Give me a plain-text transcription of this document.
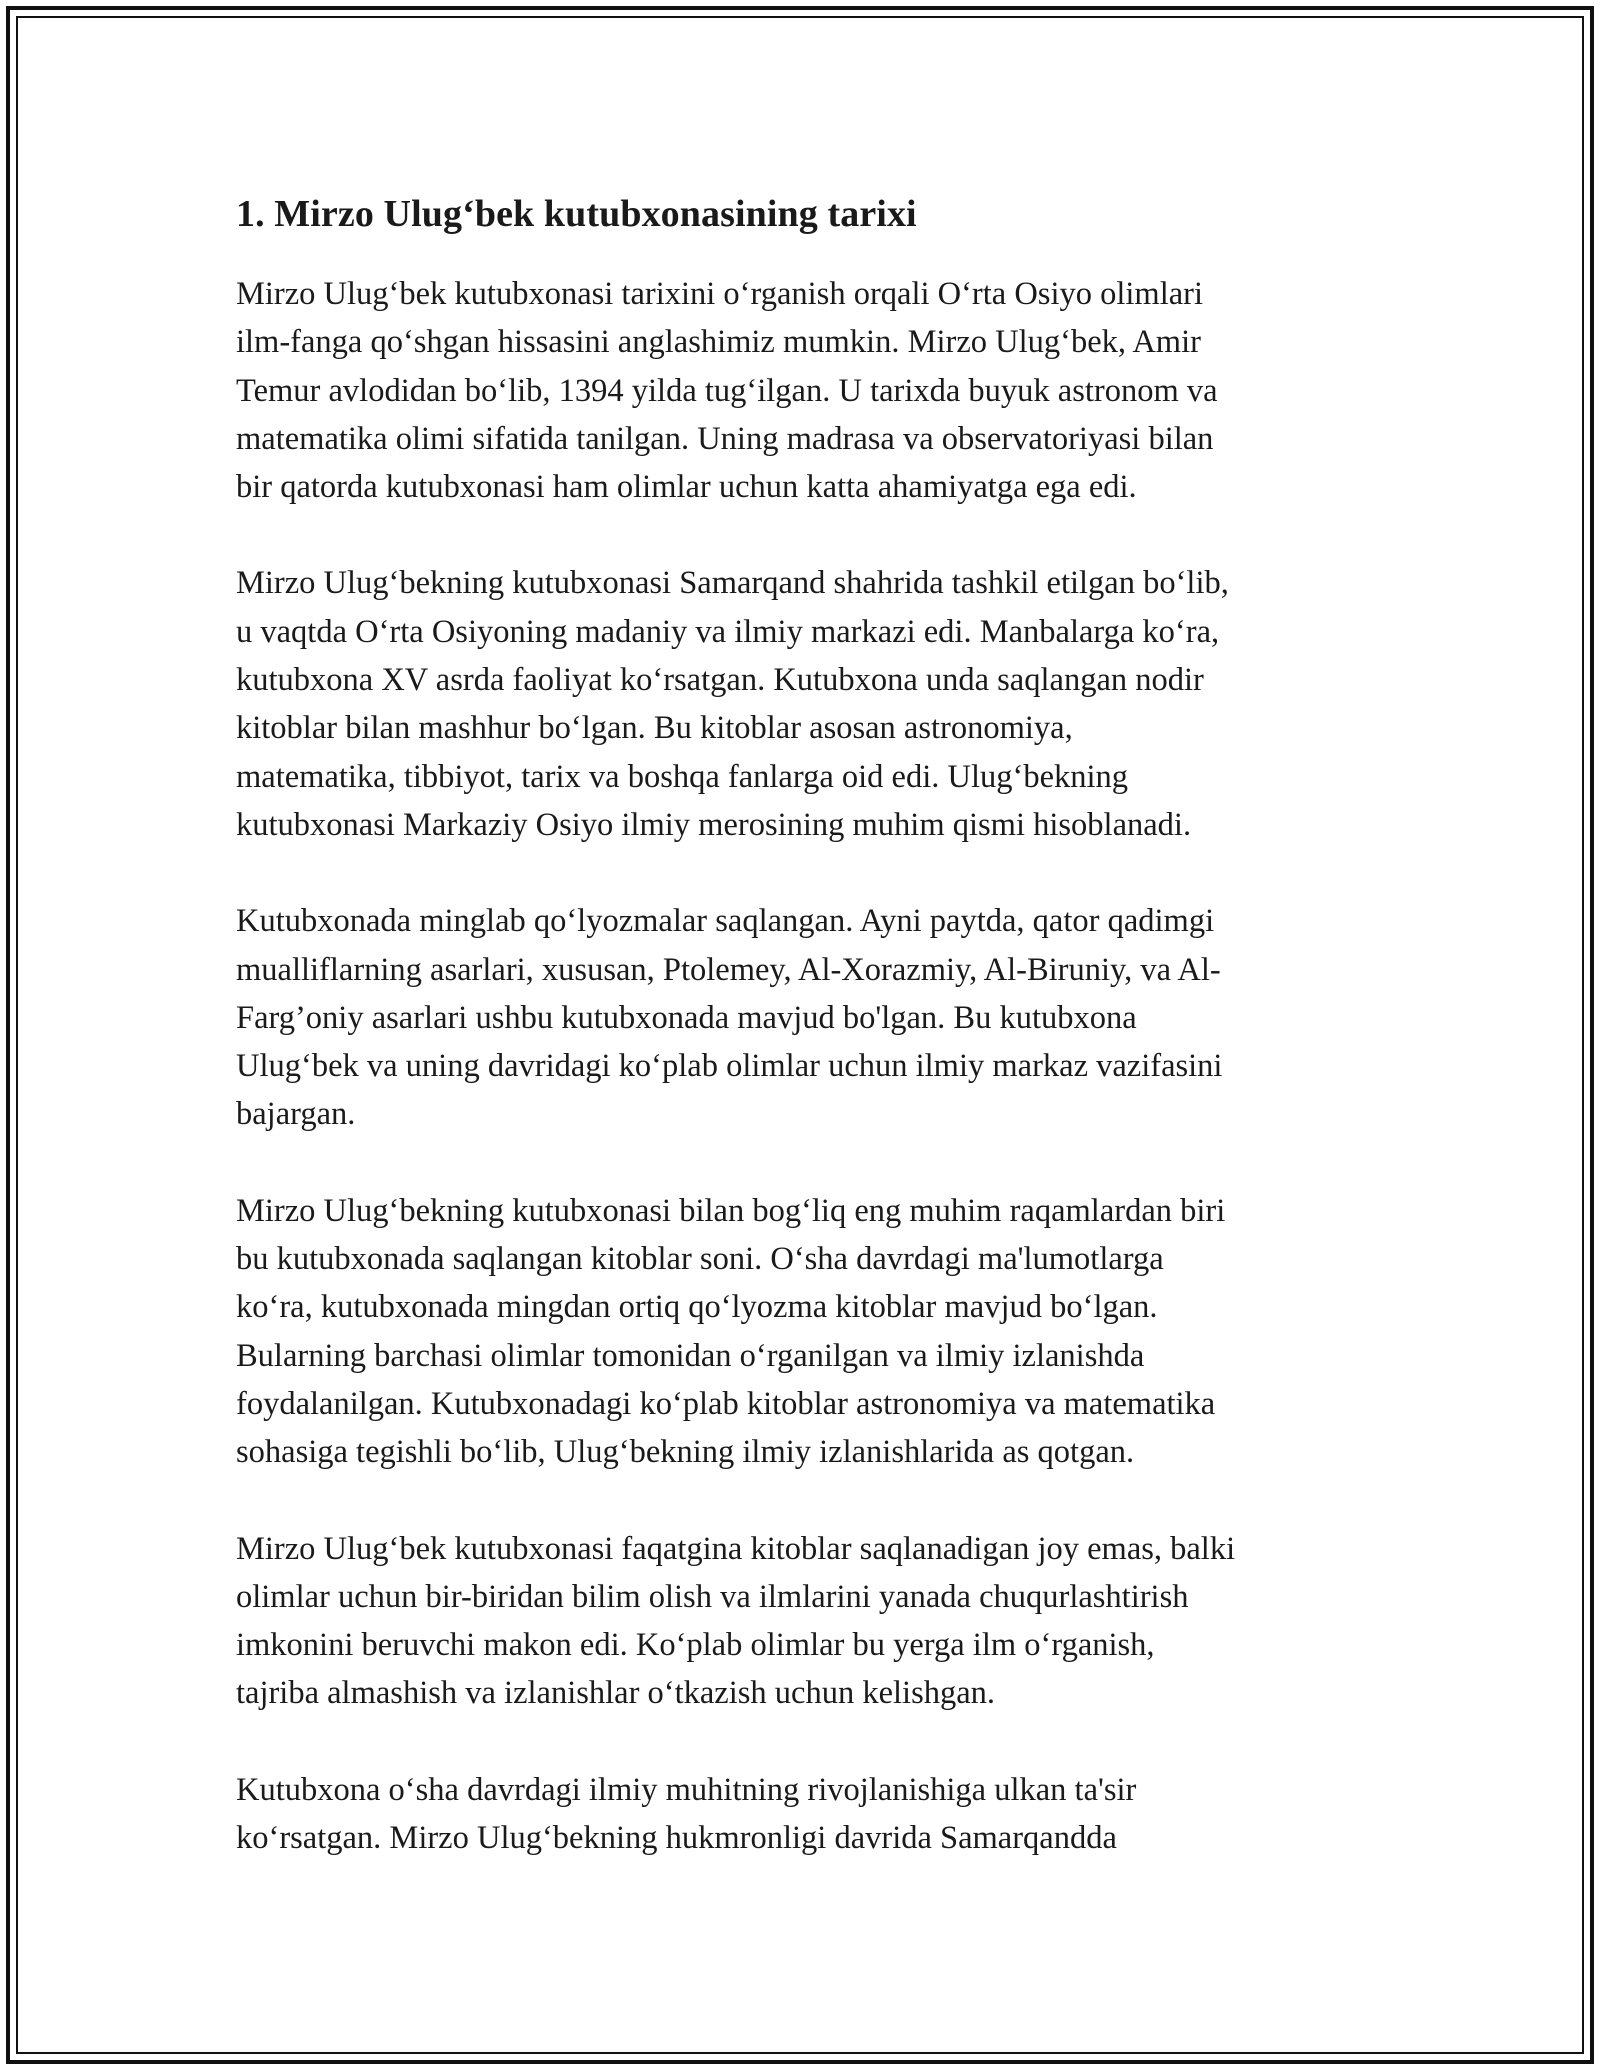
1. Mirzo Ulug‘bek kutubxonasining tarixi

Mirzo Ulug‘bek kutubxonasi tarixini o‘rganish orqali O‘rta Osiyo olimlari
ilm-fanga qo‘shgan hissasini anglashimiz mumkin. Mirzo Ulug‘bek, Amir
Temur avlodidan bo‘lib, 1394 yilda tug‘ilgan. U tarixda buyuk astronom va
matematika olimi sifatida tanilgan. Uning madrasa va observatoriyasi bilan
bir qatorda kutubxonasi ham olimlar uchun katta ahamiyatga ega edi.

Mirzo Ulug‘bekning kutubxonasi Samarqand shahrida tashkil etilgan bo‘lib,
u vaqtda O‘rta Osiyoning madaniy va ilmiy markazi edi. Manbalarga ko‘ra,
kutubxona XV asrda faoliyat ko‘rsatgan. Kutubxona unda saqlangan nodir
kitoblar bilan mashhur bo‘lgan. Bu kitoblar asosan astronomiya,
matematika, tibbiyot, tarix va boshqa fanlarga oid edi. Ulug‘bekning
kutubxonasi Markaziy Osiyo ilmiy merosining muhim qismi hisoblanadi.

Kutubxonada minglab qo‘lyozmalar saqlangan. Ayni paytda, qator qadimgi
mualliflarning asarlari, xususan, Ptolemey, Al-Xorazmiy, Al-Biruniy, va Al-
Farg’oniy asarlari ushbu kutubxonada mavjud bo'lgan. Bu kutubxona
Ulug‘bek va uning davridagi ko‘plab olimlar uchun ilmiy markaz vazifasini
bajargan.

Mirzo Ulug‘bekning kutubxonasi bilan bog‘liq eng muhim raqamlardan biri
bu kutubxonada saqlangan kitoblar soni. O‘sha davrdagi ma'lumotlarga
ko‘ra, kutubxonada mingdan ortiq qo‘lyozma kitoblar mavjud bo‘lgan.
Bularning barchasi olimlar tomonidan o‘rganilgan va ilmiy izlanishda
foydalanilgan. Kutubxonadagi ko‘plab kitoblar astronomiya va matematika
sohasiga tegishli bo‘lib, Ulug‘bekning ilmiy izlanishlarida as qotgan.

Mirzo Ulug‘bek kutubxonasi faqatgina kitoblar saqlanadigan joy emas, balki
olimlar uchun bir-biridan bilim olish va ilmlarini yanada chuqurlashtirish
imkonini beruvchi makon edi. Ko‘plab olimlar bu yerga ilm o‘rganish,
tajriba almashish va izlanishlar o‘tkazish uchun kelishgan.

Kutubxona o‘sha davrdagi ilmiy muhitning rivojlanishiga ulkan ta'sir
ko‘rsatgan. Mirzo Ulug‘bekning hukmronligi davrida Samarqandda
